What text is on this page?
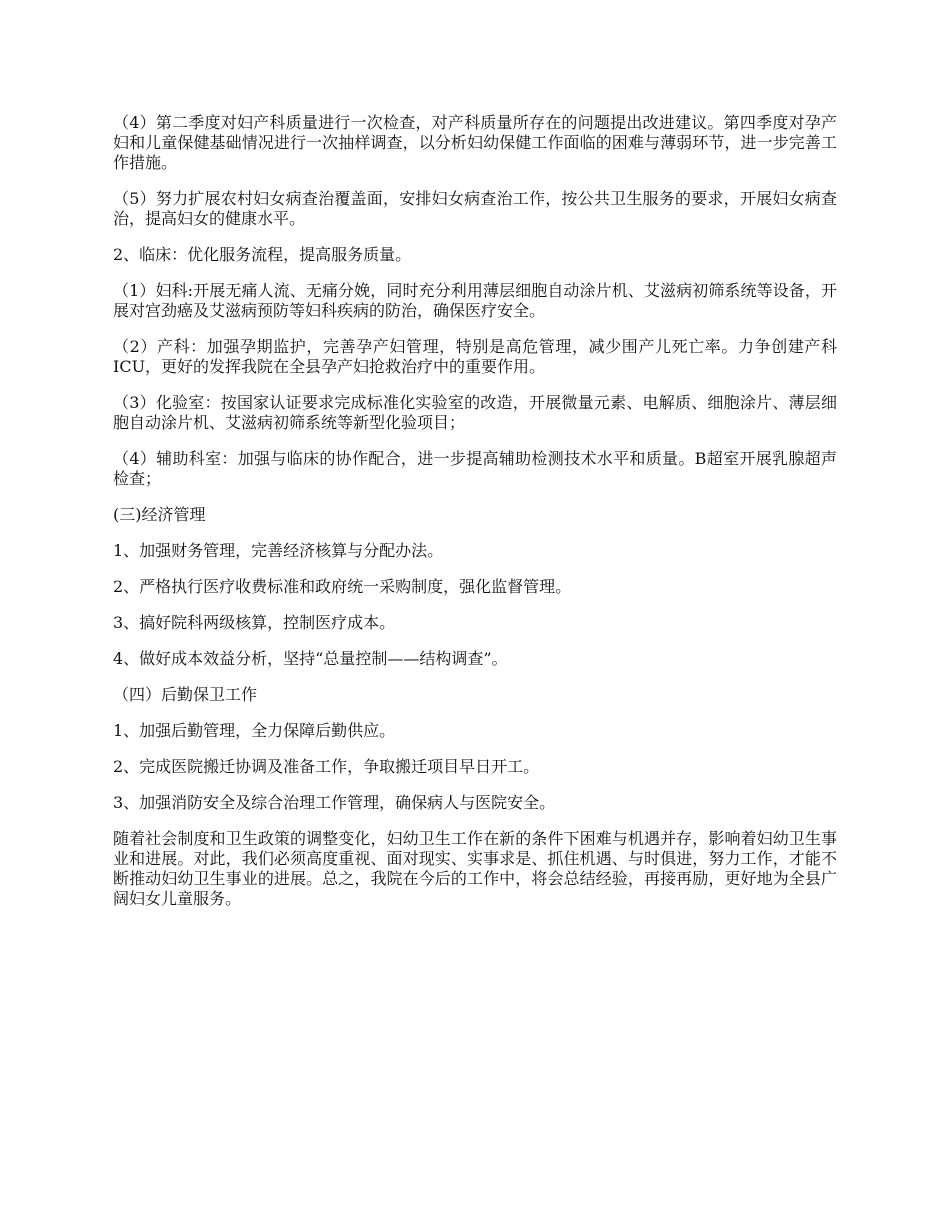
（4）第二季度对妇产科质量进行一次检查，对产科质量所存在的问题提出改进建议。第四季度对孕产妇和儿童保健基础情况进行一次抽样调查，以分析妇幼保健工作面临的困难与薄弱环节，进一步完善工作措施。

（5）努力扩展农村妇女病查治覆盖面，安排妇女病查治工作，按公共卫生服务的要求，开展妇女病查治，提高妇女的健康水平。

2、临床：优化服务流程，提高服务质量。

（1）妇科:开展无痛人流、无痛分娩，同时充分利用薄层细胞自动涂片机、艾滋病初筛系统等设备，开展对宫劲癌及艾滋病预防等妇科疾病的防治，确保医疗安全。

（2）产科：加强孕期监护，完善孕产妇管理，特别是高危管理，减少围产儿死亡率。力争创建产科ICU，更好的发挥我院在全县孕产妇抢救治疗中的重要作用。

（3）化验室：按国家认证要求完成标准化实验室的改造，开展微量元素、电解质、细胞涂片、薄层细胞自动涂片机、艾滋病初筛系统等新型化验项目；

（4）辅助科室：加强与临床的协作配合，进一步提高辅助检测技术水平和质量。B超室开展乳腺超声检查；

(三)经济管理

1、加强财务管理，完善经济核算与分配办法。

2、严格执行医疗收费标准和政府统一采购制度，强化监督管理。

3、搞好院科两级核算，控制医疗成本。

4、做好成本效益分析，坚持“总量控制——结构调查”。

（四）后勤保卫工作

1、加强后勤管理，全力保障后勤供应。

2、完成医院搬迁协调及准备工作，争取搬迁项目早日开工。

3、加强消防安全及综合治理工作管理，确保病人与医院安全。

随着社会制度和卫生政策的调整变化，妇幼卫生工作在新的条件下困难与机遇并存，影响着妇幼卫生事业和进展。对此，我们必须高度重视、面对现实、实事求是、抓住机遇、与时俱进，努力工作，才能不断推动妇幼卫生事业的进展。总之，我院在今后的工作中，将会总结经验，再接再励，更好地为全县广阔妇女儿童服务。
